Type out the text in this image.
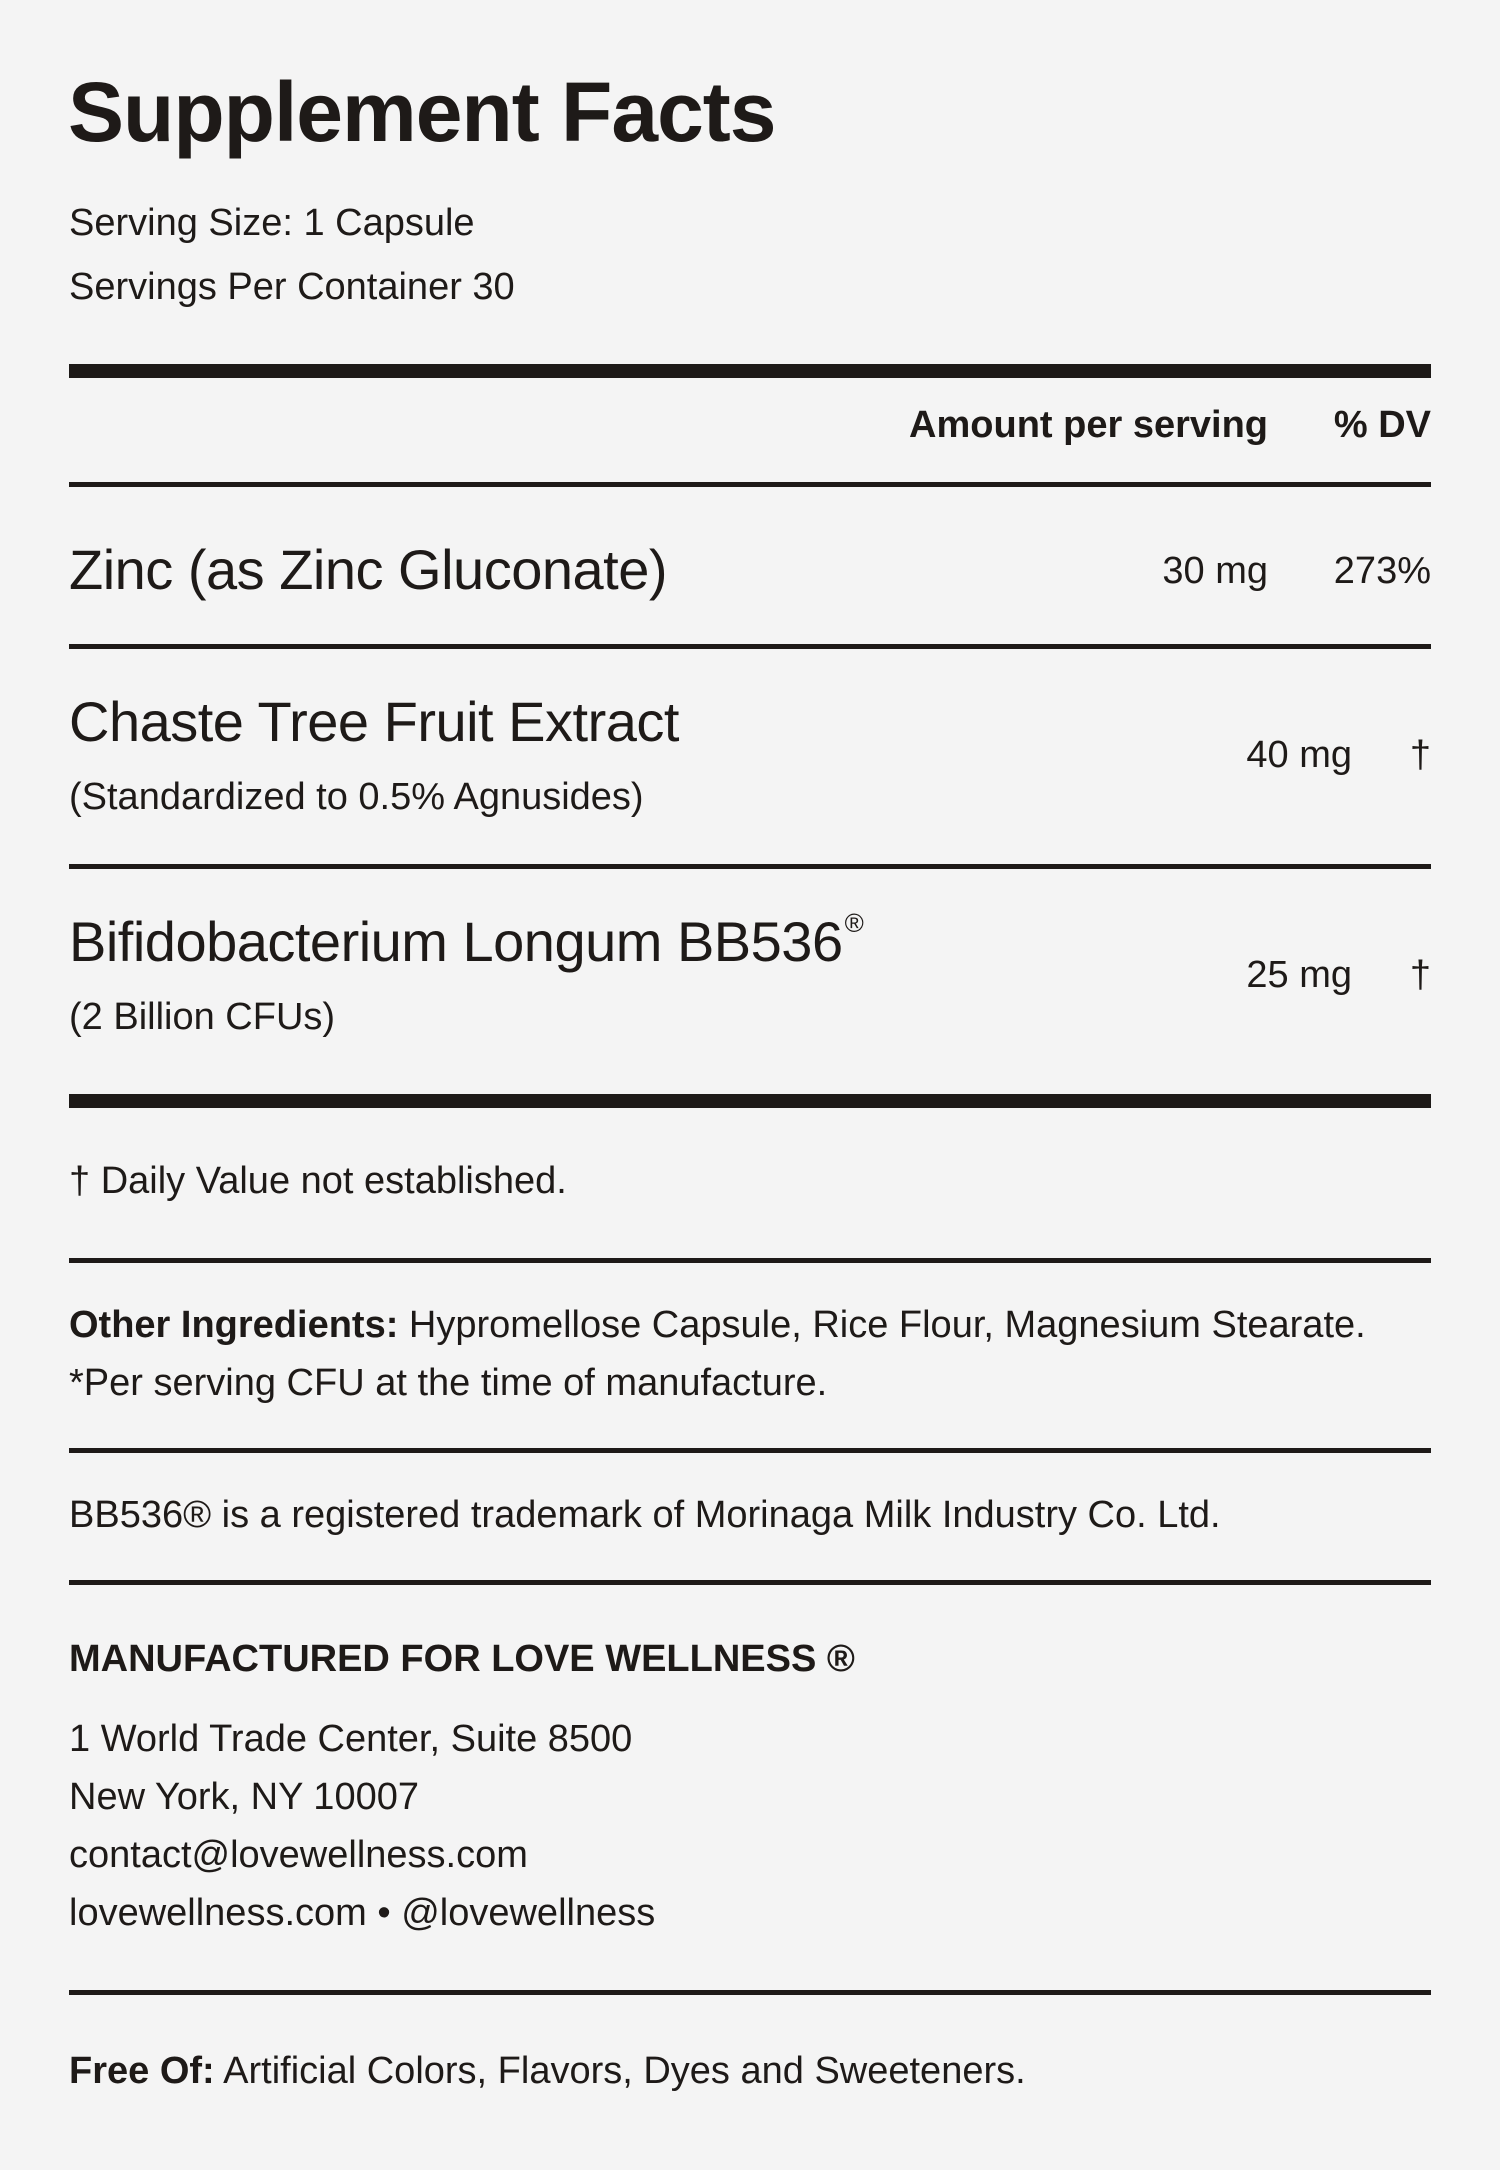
Supplement Facts
Serving Size: 1 Capsule
Servings Per Container 30
Amount per serving % DV
Zinc (as Zinc Gluconate)	30 mg 273%
Chaste Tree Fruit Extract
(Standardized to 0.5% Agnusides)
40 mg †
Bifidobacterium Longum BB536®
(2 Billion CFUs)
25 mg †
† Daily Value not established.
Other Ingredients: Hypromellose Capsule, Rice Flour, Magnesium Stearate. *Per serving CFU at the time of manufacture.
BB536® is a registered trademark of Morinaga Milk Industry Co. Ltd.
MANUFACTURED FOR LOVE WELLNESS ®
1 World Trade Center, Suite 8500
New York, NY 10007
contact@lovewellness.com
lovewellness.com • @lovewellness
Free Of: Artificial Colors, Flavors, Dyes and Sweeteners.
